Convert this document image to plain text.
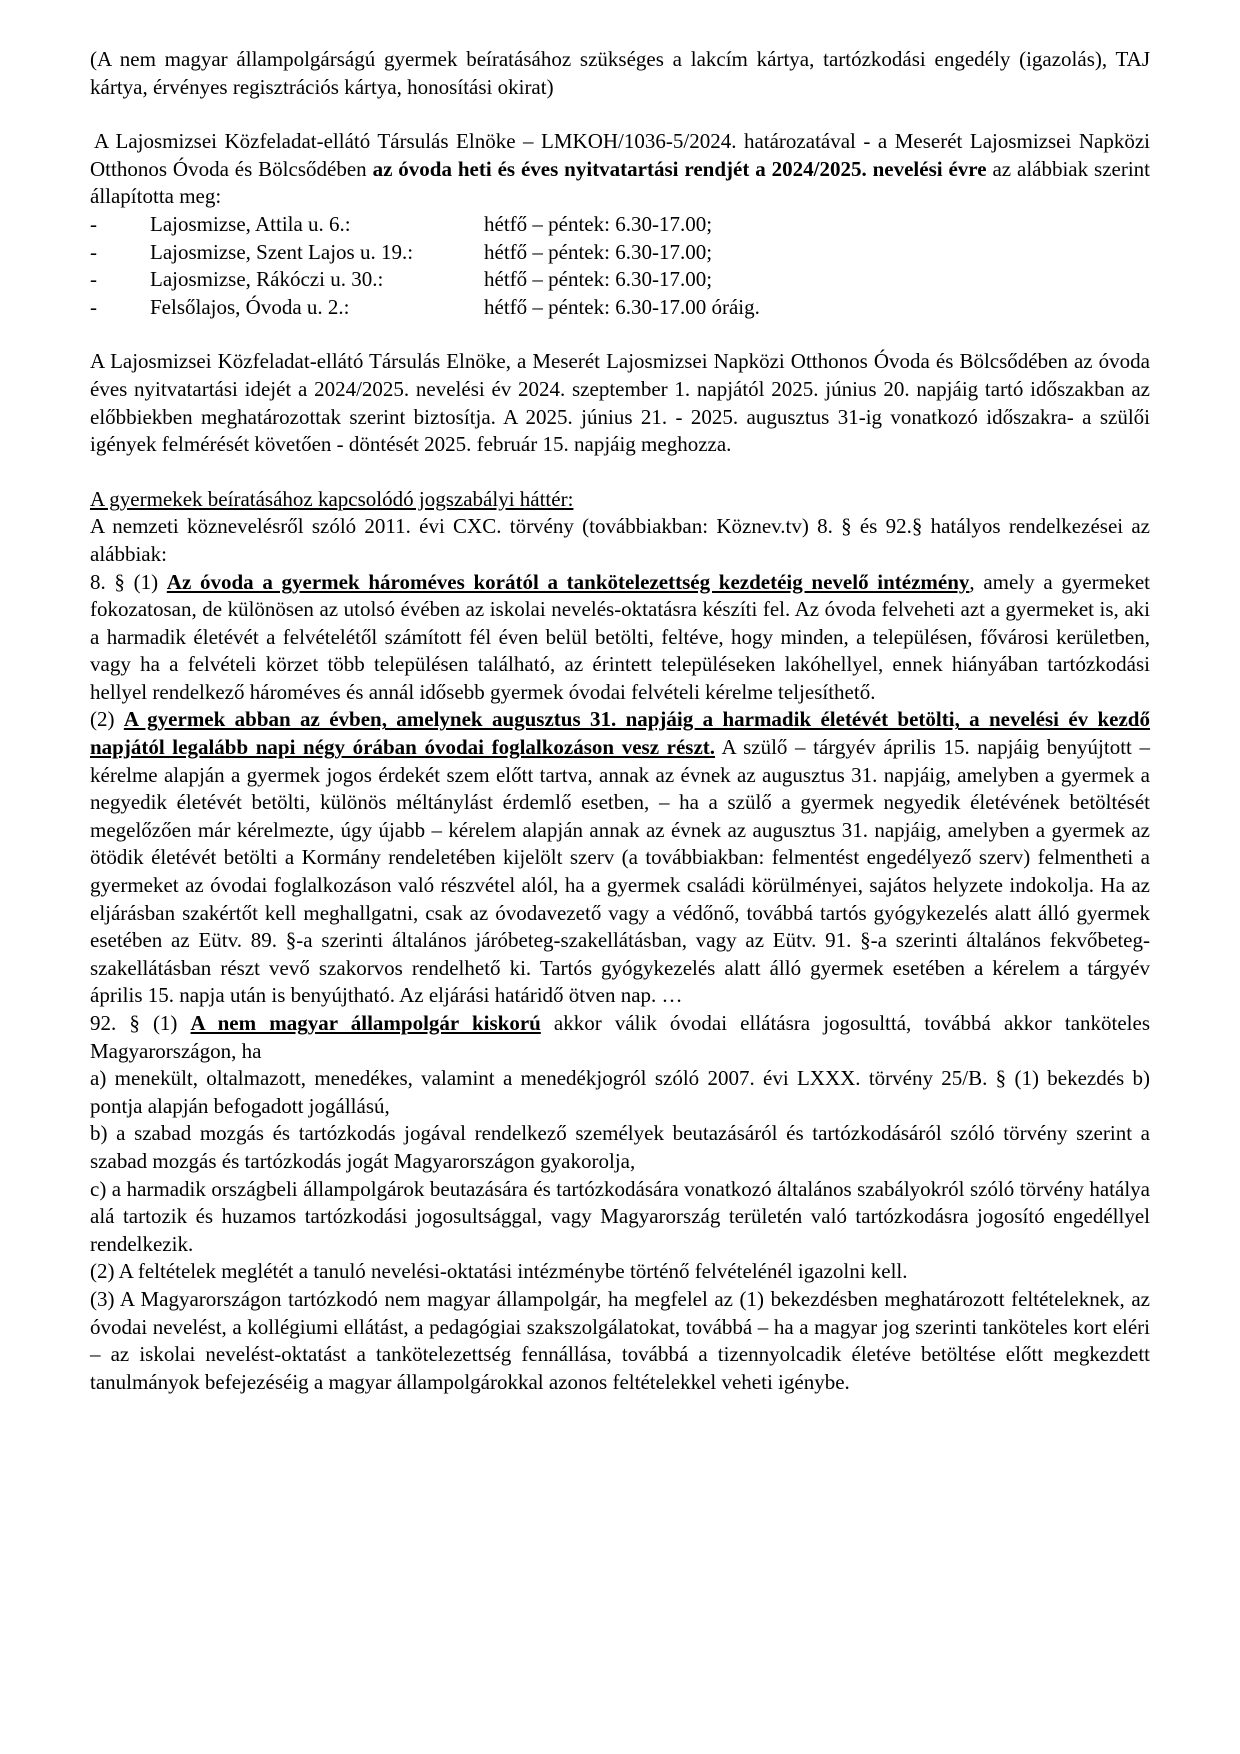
(A nem magyar állampolgárságú gyermek beíratásához szükséges a lakcím kártya, tartózkodási engedély (igazolás), TAJ kártya, érvényes regisztrációs kártya, honosítási okirat)

A Lajosmizsei Közfeladat-ellátó Társulás Elnöke – LMKOH/1036-5/2024. határozatával - a Meserét Lajosmizsei Napközi Otthonos Óvoda és Bölcsődében az óvoda heti és éves nyitvatartási rendjét a 2024/2025. nevelési évre az alábbiak szerint állapította meg:

-	Lajosmizse, Attila u. 6.:	hétfő – péntek: 6.30-17.00;
-	Lajosmizse, Szent Lajos u. 19.:	hétfő – péntek: 6.30-17.00;
-	Lajosmizse, Rákóczi u. 30.:	hétfő – péntek: 6.30-17.00;
-	Felsőlajos, Óvoda u. 2.:	hétfő – péntek: 6.30-17.00 óráig.

A Lajosmizsei Közfeladat-ellátó Társulás Elnöke, a Meserét Lajosmizsei Napközi Otthonos Óvoda és Bölcsődében az óvoda éves nyitvatartási idejét a 2024/2025. nevelési év 2024. szeptember 1. napjától 2025. június 20. napjáig tartó időszakban az előbbiekben meghatározottak szerint biztosítja. A 2025. június 21. - 2025. augusztus 31-ig vonatkozó időszakra- a szülői igények felmérését követően - döntését 2025. február 15. napjáig meghozza.

A gyermekek beíratásához kapcsolódó jogszabályi háttér:

A nemzeti köznevelésről szóló 2011. évi CXC. törvény (továbbiakban: Köznev.tv) 8. § és 92.§ hatályos rendelkezései az alábbiak:

8. § (1) Az óvoda a gyermek hároméves korától a tankötelezettség kezdetéig nevelő intézmény, amely a gyermeket fokozatosan, de különösen az utolsó évében az iskolai nevelés-oktatásra készíti fel. Az óvoda felveheti azt a gyermeket is, aki a harmadik életévét a felvételétől számított fél éven belül betölti, feltéve, hogy minden, a településen, fővárosi kerületben, vagy ha a felvételi körzet több településen található, az érintett településeken lakóhellyel, ennek hiányában tartózkodási hellyel rendelkező hároméves és annál idősebb gyermek óvodai felvételi kérelme teljesíthető.

(2) A gyermek abban az évben, amelynek augusztus 31. napjáig a harmadik életévét betölti, a nevelési év kezdő napjától legalább napi négy órában óvodai foglalkozáson vesz részt. A szülő – tárgyév április 15. napjáig benyújtott – kérelme alapján a gyermek jogos érdekét szem előtt tartva, annak az évnek az augusztus 31. napjáig, amelyben a gyermek a negyedik életévét betölti, különös méltánylást érdemlő esetben, – ha a szülő a gyermek negyedik életévének betöltését megelőzően már kérelmezte, úgy újabb – kérelem alapján annak az évnek az augusztus 31. napjáig, amelyben a gyermek az ötödik életévét betölti a Kormány rendeletében kijelölt szerv (a továbbiakban: felmentést engedélyező szerv) felmentheti a gyermeket az óvodai foglalkozáson való részvétel alól, ha a gyermek családi körülményei, sajátos helyzete indokolja. Ha az eljárásban szakértőt kell meghallgatni, csak az óvodavezető vagy a védőnő, továbbá tartós gyógykezelés alatt álló gyermek esetében az Eütv. 89. §-a szerinti általános járóbeteg-szakellátásban, vagy az Eütv. 91. §-a szerinti általános fekvőbeteg-szakellátásban részt vevő szakorvos rendelhető ki. Tartós gyógykezelés alatt álló gyermek esetében a kérelem a tárgyév április 15. napja után is benyújtható. Az eljárási határidő ötven nap. …

92. § (1) A nem magyar állampolgár kiskorú akkor válik óvodai ellátásra jogosulttá, továbbá akkor tanköteles Magyarországon, ha

a) menekült, oltalmazott, menedékes, valamint a menedékjogról szóló 2007. évi LXXX. törvény 25/B. § (1) bekezdés b) pontja alapján befogadott jogállású,

b) a szabad mozgás és tartózkodás jogával rendelkező személyek beutazásáról és tartózkodásáról szóló törvény szerint a szabad mozgás és tartózkodás jogát Magyarországon gyakorolja,

c) a harmadik országbeli állampolgárok beutazására és tartózkodására vonatkozó általános szabályokról szóló törvény hatálya alá tartozik és huzamos tartózkodási jogosultsággal, vagy Magyarország területén való tartózkodásra jogosító engedéllyel rendelkezik.

(2) A feltételek meglétét a tanuló nevelési-oktatási intézménybe történő felvételénél igazolni kell.

(3) A Magyarországon tartózkodó nem magyar állampolgár, ha megfelel az (1) bekezdésben meghatározott feltételeknek, az óvodai nevelést, a kollégiumi ellátást, a pedagógiai szakszolgálatokat, továbbá – ha a magyar jog szerinti tanköteles kort eléri – az iskolai nevelést-oktatást a tankötelezettség fennállása, továbbá a tizennyolcadik életéve betöltése előtt megkezdett tanulmányok befejezéséig a magyar állampolgárokkal azonos feltételekkel veheti igénybe.
